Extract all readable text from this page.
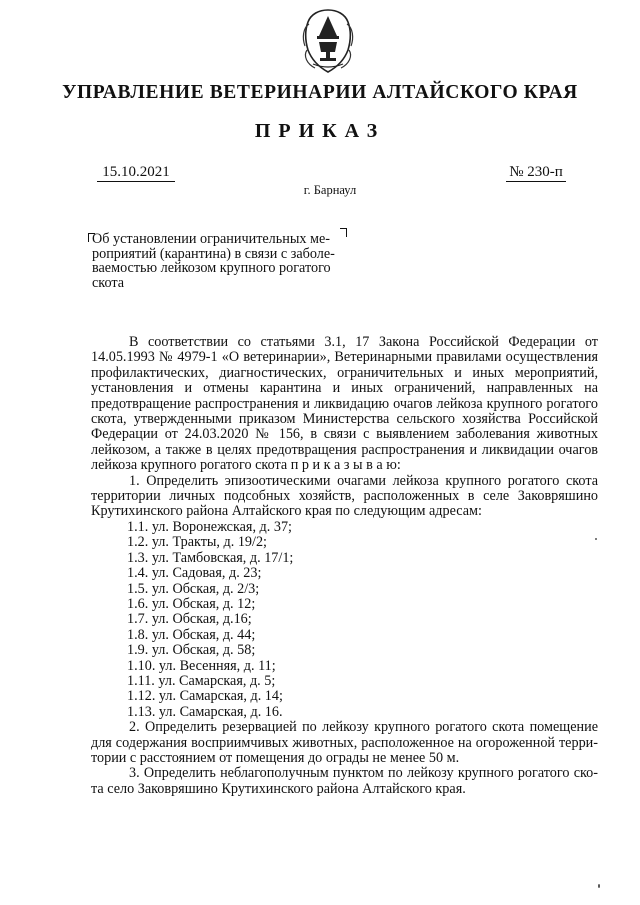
УПРАВЛЕНИЕ ВЕТЕРИНАРИИ АЛТАЙСКОГО КРАЯ
ПРИКАЗ
15.10.2021	№ 230-п
г. Барнаул
Об установлении ограничительных ме-
роприятий (карантина) в связи с заболе-
ваемостью лейкозом крупного рогатого
скота
В соответствии со статьями 3.1, 17 Закона Российской Федерации от
14.05.1993 № 4979-1 «О ветеринарии», Ветеринарными правилами осуществления
профилактических, диагностических, ограничительных и иных мероприятий,
установления и отмены карантина и иных ограничений, направленных на
предотвращение распространения и ликвидацию очагов лейкоза крупного рогатого
скота, утвержденными приказом Министерства сельского хозяйства Российской
Федерации от 24.03.2020 № 156, в связи с выявлением заболевания животных
лейкозом, а также в целях предотвращения распространения и ликвидации очагов
лейкоза крупного рогатого скота п р и к а з ы в а ю:
1. Определить эпизоотическими очагами лейкоза крупного рогатого скота
территории личных подсобных хозяйств, расположенных в селе Заковряшино
Крутихинского района Алтайского края по следующим адресам:
1.1. ул. Воронежская, д. 37;
1.2. ул. Тракты, д. 19/2;
1.3. ул. Тамбовская, д. 17/1;
1.4. ул. Садовая, д. 23;
1.5. ул. Обская, д. 2/3;
1.6. ул. Обская, д. 12;
1.7. ул. Обская, д.16;
1.8. ул. Обская, д. 44;
1.9. ул. Обская, д. 58;
1.10. ул. Весенняя, д. 11;
1.11. ул. Самарская, д. 5;
1.12. ул. Самарская, д. 14;
1.13. ул. Самарская, д. 16.
2. Определить резервацией по лейкозу крупного рогатого скота помещение
для содержания восприимчивых животных, расположенное на огороженной терри-
тории с расстоянием от помещения до ограды не менее 50 м.
3. Определить неблагополучным пунктом по лейкозу крупного рогатого ско-
та село Заковряшино Крутихинского района Алтайского края.
